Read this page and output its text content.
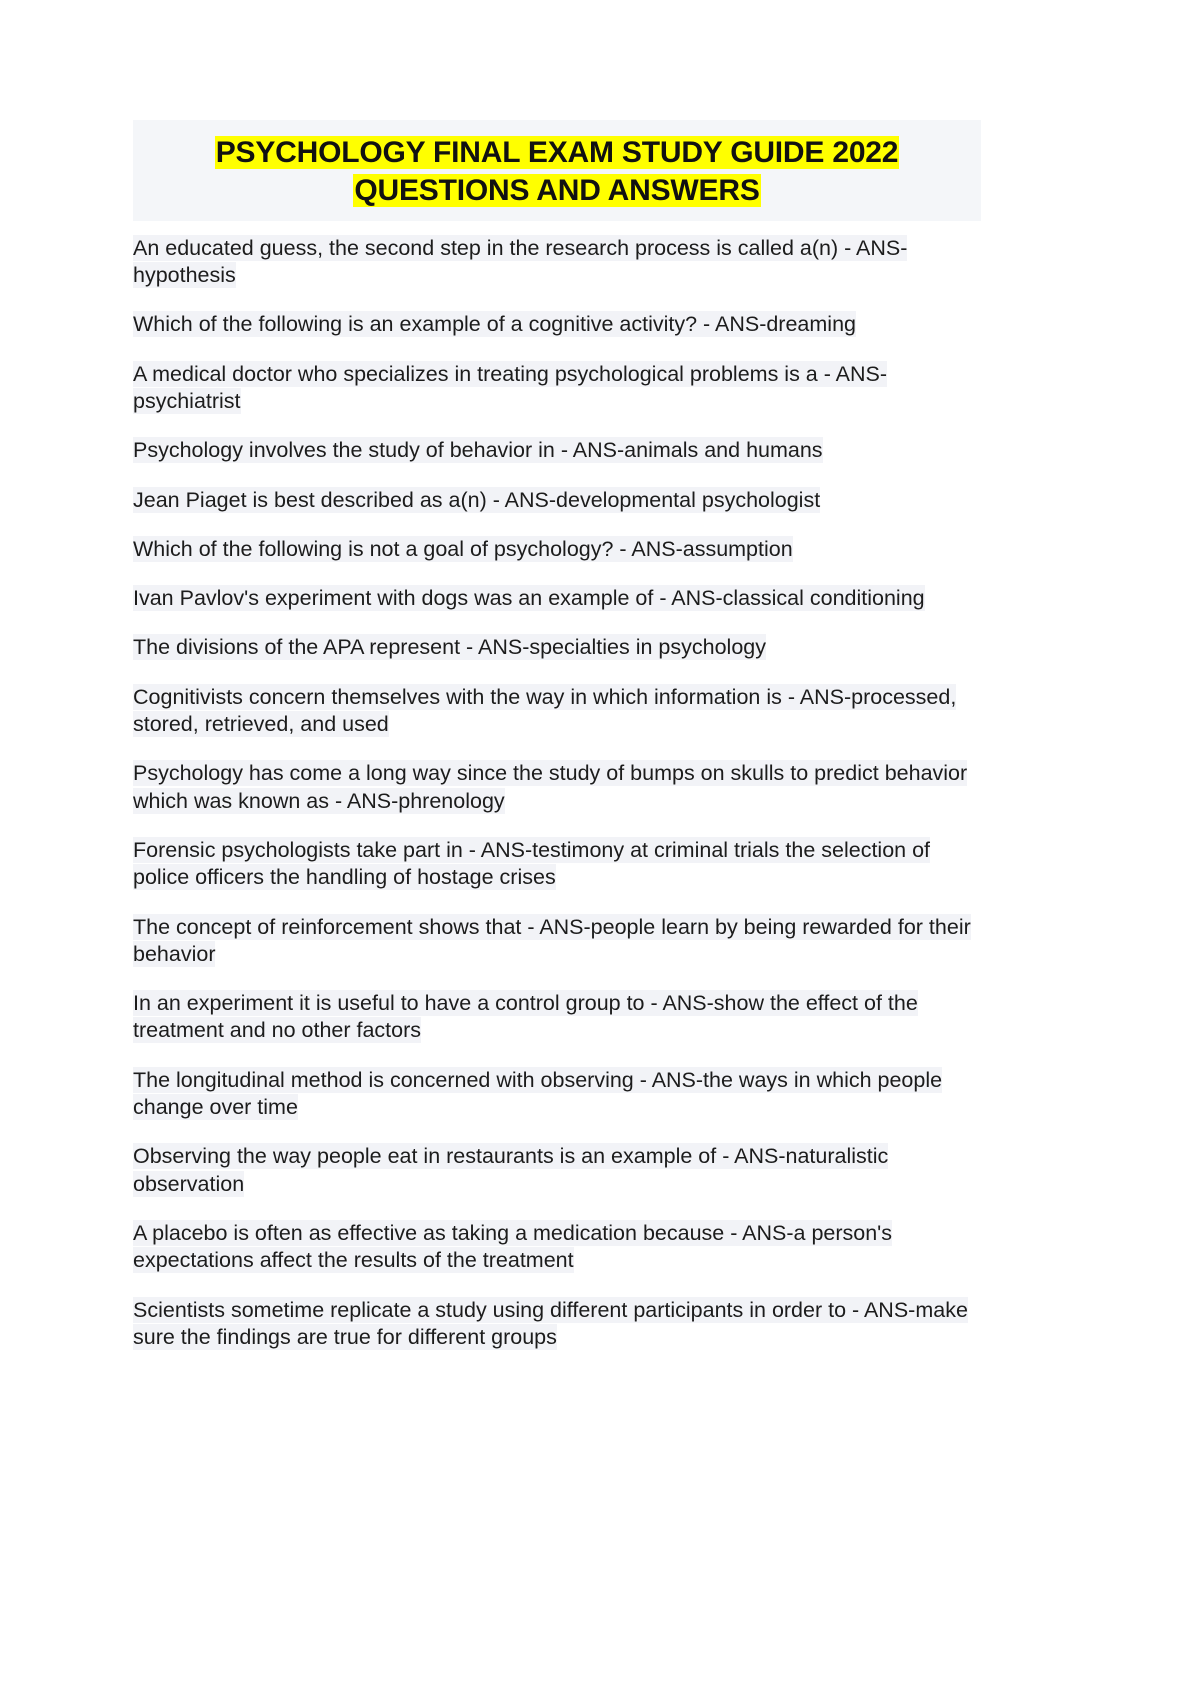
PSYCHOLOGY FINAL EXAM STUDY GUIDE 2022
QUESTIONS AND ANSWERS
An educated guess, the second step in the research process is called a(n) - ANS-hypothesis
Which of the following is an example of a cognitive activity? - ANS-dreaming
A medical doctor who specializes in treating psychological problems is a - ANS-psychiatrist
Psychology involves the study of behavior in - ANS-animals and humans
Jean Piaget is best described as a(n) - ANS-developmental psychologist
Which of the following is not a goal of psychology? - ANS-assumption
Ivan Pavlov's experiment with dogs was an example of - ANS-classical conditioning
The divisions of the APA represent - ANS-specialties in psychology
Cognitivists concern themselves with the way in which information is - ANS-processed, stored, retrieved, and used
Psychology has come a long way since the study of bumps on skulls to predict behavior which was known as - ANS-phrenology
Forensic psychologists take part in - ANS-testimony at criminal trials the selection of police officers the handling of hostage crises
The concept of reinforcement shows that - ANS-people learn by being rewarded for their behavior
In an experiment it is useful to have a control group to - ANS-show the effect of the treatment and no other factors
The longitudinal method is concerned with observing - ANS-the ways in which people change over time
Observing the way people eat in restaurants is an example of - ANS-naturalistic observation
A placebo is often as effective as taking a medication because - ANS-a person's expectations affect the results of the treatment
Scientists sometime replicate a study using different participants in order to - ANS-make sure the findings are true for different groups
